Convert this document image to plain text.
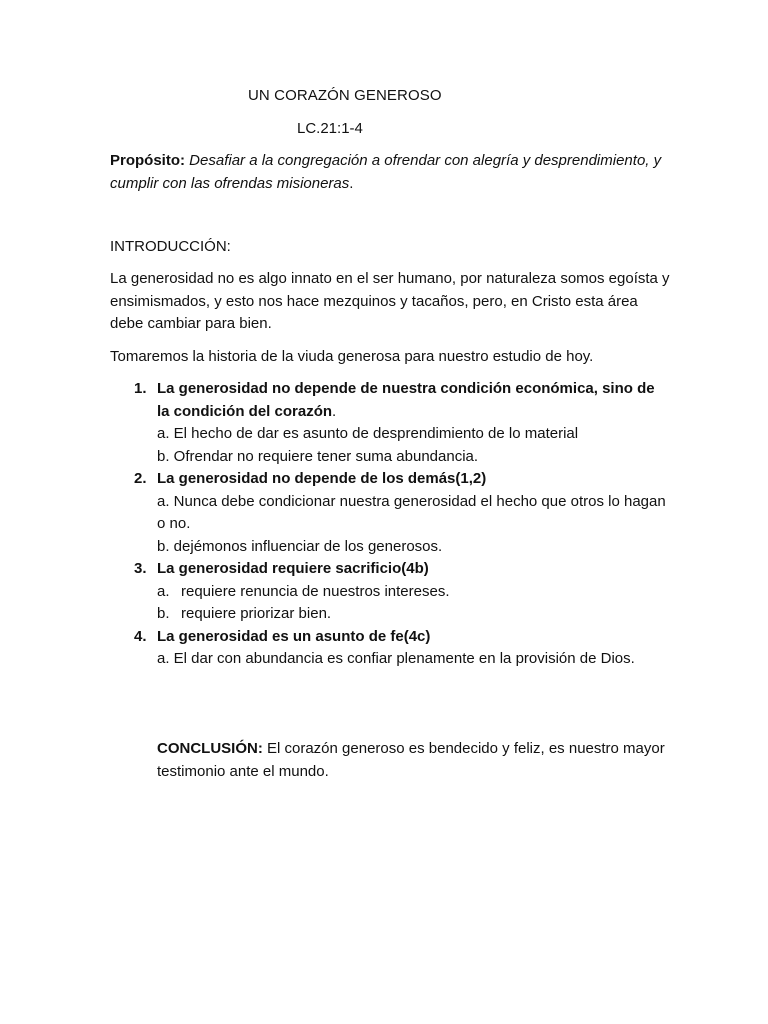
UN CORAZÓN GENEROSO
LC.21:1-4
Propósito: Desafiar a la congregación a ofrendar con alegría y desprendimiento, y cumplir con las ofrendas misioneras.
INTRODUCCIÓN:
La generosidad no es algo innato en el ser humano, por naturaleza somos egoísta y ensimismados, y esto nos hace mezquinos y tacaños, pero, en Cristo esta área debe cambiar para bien.
Tomaremos la historia de la viuda generosa para nuestro estudio de hoy.
1. La generosidad no depende de nuestra condición económica, sino de la condición del corazón.
a. El hecho de dar es asunto de desprendimiento de lo material
b. Ofrendar no requiere tener suma abundancia.
2. La generosidad no depende de los demás(1,2)
a. Nunca debe condicionar nuestra generosidad el hecho que otros lo hagan o no.
b. dejémonos influenciar de los generosos.
3. La generosidad requiere sacrificio(4b)
a. requiere renuncia de nuestros intereses.
b. requiere priorizar bien.
4. La generosidad es un asunto de fe(4c)
a. El dar con abundancia es confiar plenamente en la provisión de Dios.
CONCLUSIÓN: El corazón generoso es bendecido y feliz, es nuestro mayor testimonio ante el mundo.
